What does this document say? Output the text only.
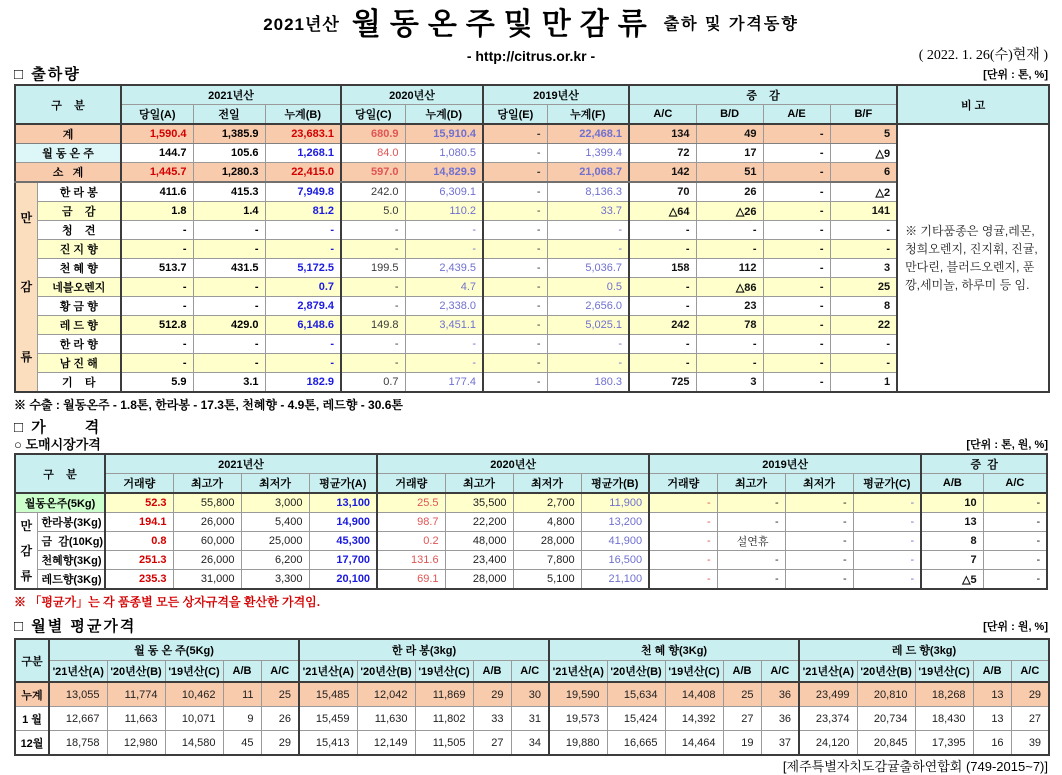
2021년산 월동온주및만감류 출하 및 가격동향
- http://citrus.or.kr -	( 2022. 1. 26(수)현재 )
□ 출하량	[단위 : 톤, %]
구    분		2021년산			2020년산		2019년산		증    감				비 고
		당일(A)	전일	누계(B)	당일(C)	누계(D)	당일(E)	누계(F)	A/C	B/D	A/E	B/F	
계		1,590.4	1,385.9	23,683.1	680.9	15,910.4	-	22,468.1	134	49	-	5	※ 기타품종은 영귤,레몬, 청희오렌지, 진지휘, 진귤, 만다린, 블러드오렌지, 푼깡,세미놀, 하루미 등 임.
월 동 온 주		144.7	105.6	1,268.1	84.0	1,080.5	-	1,399.4	72	17	-	△9	
소   계		1,445.7	1,280.3	22,415.0	597.0	14,829.9	-	21,068.7	142	51	-	6	

만
감
류	한 라 봉	411.6	415.3	7,949.8	242.0	6,309.1	-	8,136.3	70	26	-	△2	
	금    감	1.8	1.4	81.2	5.0	110.2	-	33.7	△64	△26	-	141	
	청    견	-	-	-	-	-	-	-	-	-	-	-	
	진 지 향	-	-	-	-	-	-	-	-	-	-	-	
	천 혜 향	513.7	431.5	5,172.5	199.5	2,439.5	-	5,036.7	158	112	-	3	
	네블오렌지	-	-	0.7	-	4.7	-	0.5	-	△86	-	25	
	황 금 향	-	-	2,879.4	-	2,338.0	-	2,656.0	-	23	-	8	
	레 드 향	512.8	429.0	6,148.6	149.8	3,451.1	-	5,025.1	242	78	-	22	
	한 라 향	-	-	-	-	-	-	-	-	-	-	-	
	남 진 해	-	-	-	-	-	-	-	-	-	-	-	
	기    타	5.9	3.1	182.9	0.7	177.4	-	180.3	725	3	-	1	
※ 수출 : 월동온주 - 1.8톤, 한라봉 - 17.3톤, 천혜향 - 4.9톤, 레드향 - 30.6톤
□ 가      격
○ 도매시장가격	[단위 : 톤, 원, %]
구    분		2021년산				2020년산				2019년산				증  감	
		거래량	최고가	최저가	평균가(A)	거래량	최고가	최저가	평균가(B)	거래량	최고가	최저가	평균가(C)	A/B	A/C
월동온주(5Kg)		52.3	55,800	3,000	13,100	25.5	35,500	2,700	11,900	-	-	-	-	10	-

만
감
류	한라봉(3Kg)	194.1	26,000	5,400	14,900	98.7	22,200	4,800	13,200	-	-	-	-	13	-
	금  감(10Kg)	0.8	60,000	25,000	45,300	0.2	48,000	28,000	41,900	-	설연휴	-	-	8	-
	천혜향(3Kg)	251.3	26,000	6,200	17,700	131.6	23,400	7,800	16,500	-	-	-	-	7	-
	레드향(3Kg)	235.3	31,000	3,300	20,100	69.1	28,000	5,100	21,100	-	-	-	-	△5	-
※ 「평균가」는 각 품종별 모든 상자규격을 환산한 가격임.
□ 월별 평균가격	[단위 : 원, %]
구분	월 동 온 주(5Kg)					한 라 봉(3kg)					천 혜 향(3Kg)					레 드 향(3kg)				
	'21년산(A)	'20년산(B)	'19년산(C)	A/B	A/C	'21년산(A)	'20년산(B)	'19년산(C)	A/B	A/C	'21년산(A)	'20년산(B)	'19년산(C)	A/B	A/C	'21년산(A)	'20년산(B)	'19년산(C)	A/B	A/C
누계	13,055	11,774	10,462	11	25	15,485	12,042	11,869	29	30	19,590	15,634	14,408	25	36	23,499	20,810	18,268	13	29
1 월	12,667	11,663	10,071	9	26	15,459	11,630	11,802	33	31	19,573	15,424	14,392	27	36	23,374	20,734	18,430	13	27
12월	18,758	12,980	14,580	45	29	15,413	12,149	11,505	27	34	19,880	16,665	14,464	19	37	24,120	20,845	17,395	16	39
[제주특별자치도감귤출하연합회 (749-2015~7)]
